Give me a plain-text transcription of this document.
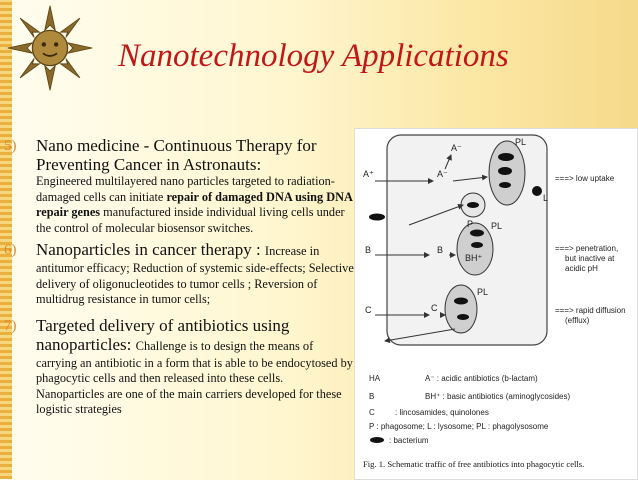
Nanotechnology Applications
5) Nano medicine - Continuous Therapy for Preventing Cancer in Astronauts:
Engineered multilayered nano particles targeted to radiation-damaged cells can initiate repair of damaged DNA using DNA repair genes manufactured inside individual living cells under the control of molecular biosensor switches.
6) Nanoparticles in cancer therapy : Increase in
antitumor efficacy; Reduction of systemic side-effects; Selective delivery of oligonucleotides to tumor cells ; Reversion of multidrug resistance in tumor cells;
7) Targeted delivery of antibiotics using nanoparticles: Challenge is to design the means of
carrying an antibiotic in a form that is able to be endocytosed by phagocytic cells and then released into these cells. Nanoparticles are one of the main carriers developed for these logistic strategies
A⁺	A⁻
A⁻
PL
P
L
B	B
BH⁺
PL
C	C
PL
===> low uptake
===> penetration,
but inactive at
acidic pH
===> rapid diffusion
(efflux)
HA	A⁻ : acidic antibiotics (b-lactam)
B	BH⁺ : basic antibiotics (aminoglycosides)
C	: lincosamides, quinolones
P : phagosome; L : lysosome; PL : phagolysosome
: bacterium
Fig. 1. Schematic traffic of free antibiotics into phagocytic cells.
